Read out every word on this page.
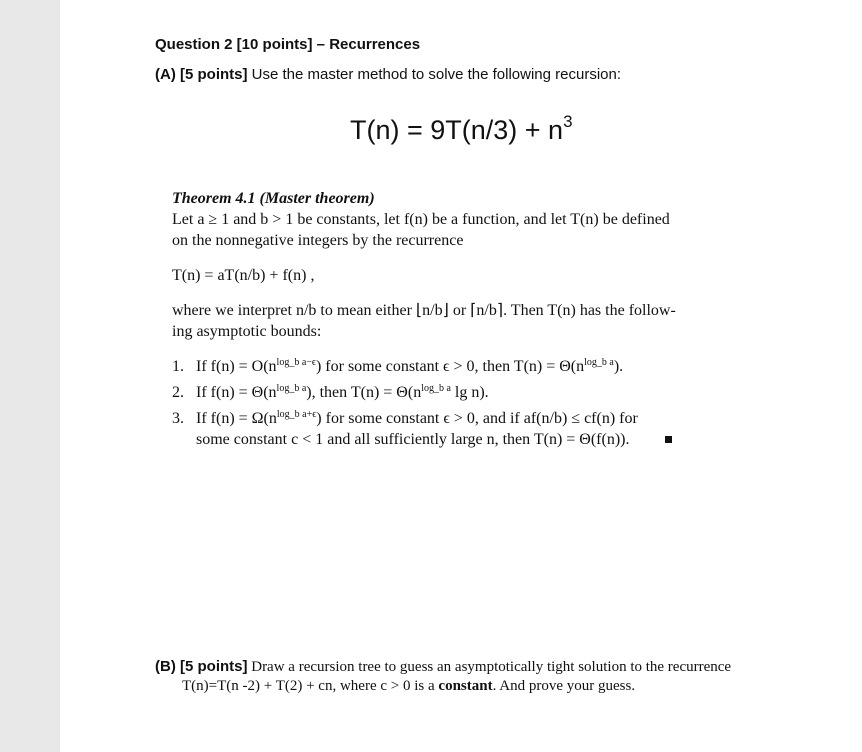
Question 2 [10 points] – Recurrences
(A) [5 points] Use the master method to solve the following recursion:
$T(n) = 9T(n/3) + n^3$

Theorem 4.1 (Master theorem)

Let a ≥ 1 and b > 1 be constants, let f(n) be a function, and let T(n) be defined

on the nonnegative integers by the recurrence

T(n) = aT(n/b) + f(n) ,

where we interpret n/b to mean either ⌊n/b⌋ or ⌈n/b⌉. Then T(n) has the follow-

ing asymptotic bounds:

1. If $f(n) = O(n^{log\_b a-\epsilon})$ for some constant ϵ > 0, then $T(n) = \Theta(n^{log\_b a})$.
2. If $f(n) = \Theta(n^{log\_b a})$, then $T(n) = \Theta(n^{log\_b a}$ lg n).
3. If $f(n) = \Omega(n^{log\_b a+\epsilon})$ for some constant ϵ > 0, and if af(n/b) ≤ cf(n) for
some constant c < 1 and all sufficiently large n, then T(n) = Θ(f(n)).
(B) [5 points] Draw a recursion tree to guess an asymptotically tight solution to the recurrence
T(n)=T(n -2) + T(2) + cn, where c > 0 is a constant. And prove your guess.
